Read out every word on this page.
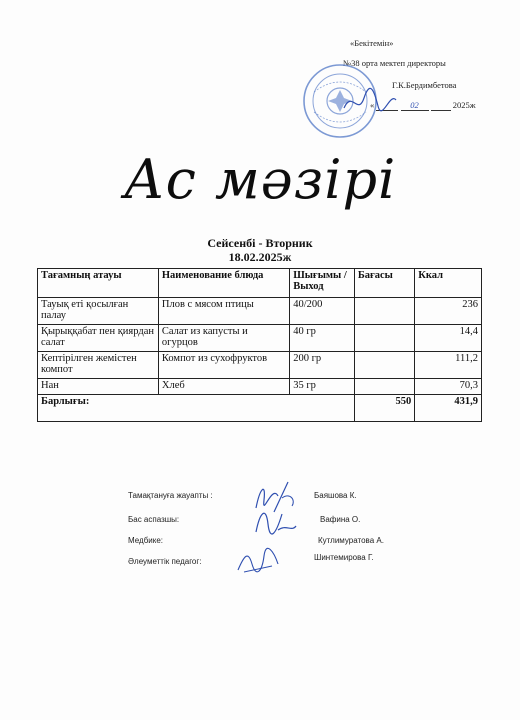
«Бекітемін»
№38 орта мектеп директоры
Г.К.Бердимбетова
«	02	2025ж
Ас мәзірі
Сейсенбі - Вторник
18.02.2025ж
Тағамның атауы	Наименование блюда	Шығымы / Выход	Бағасы	Ккал
Тауық еті қосылған палау	Плов с мясом птицы	40/200		236
Қырыққабат пен қиярдан салат	Салат из капусты и огурцов	40 гр		14,4
Кептірілген жемістен компот	Компот из сухофруктов	200 гр		111,2
Нан	Хлеб	35 гр		70,3
Барлығы:			550	431,9
Тамақтануға жауапты :	Баяшова К.
Бас аспазшы:	Вафина О.
Медбике:	Кутлимуратова А.
Әлеуметтік педагог:	Шинтемирова Г.
